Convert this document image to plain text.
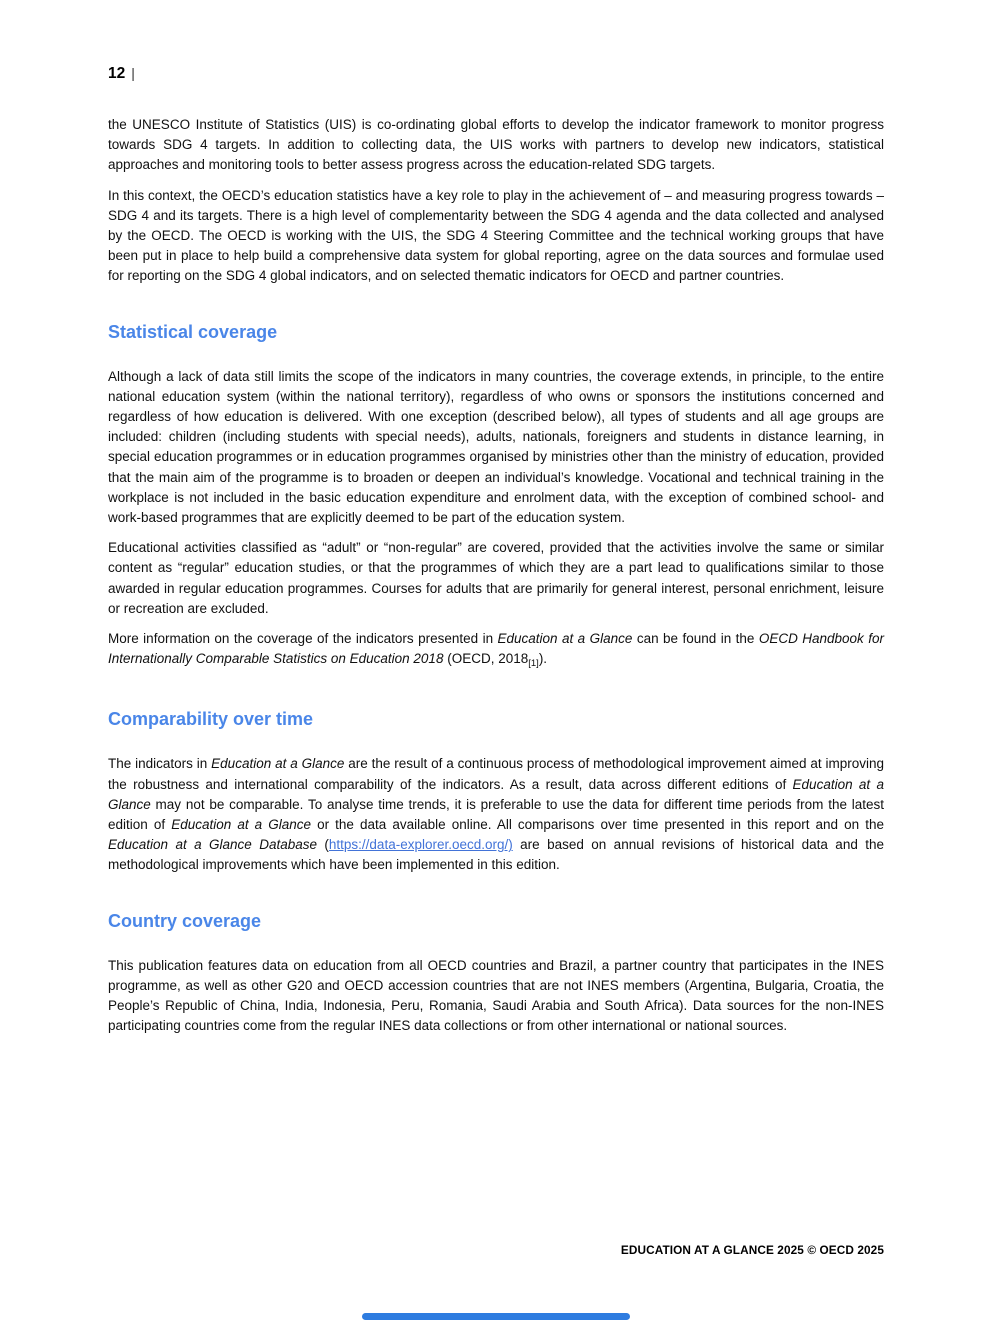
12 |

the UNESCO Institute of Statistics (UIS) is co-ordinating global efforts to develop the indicator framework to monitor progress towards SDG 4 targets. In addition to collecting data, the UIS works with partners to develop new indicators, statistical approaches and monitoring tools to better assess progress across the education-related SDG targets.

In this context, the OECD’s education statistics have a key role to play in the achievement of – and measuring progress towards – SDG 4 and its targets. There is a high level of complementarity between the SDG 4 agenda and the data collected and analysed by the OECD. The OECD is working with the UIS, the SDG 4 Steering Committee and the technical working groups that have been put in place to help build a comprehensive data system for global reporting, agree on the data sources and formulae used for reporting on the SDG 4 global indicators, and on selected thematic indicators for OECD and partner countries.

Statistical coverage

Although a lack of data still limits the scope of the indicators in many countries, the coverage extends, in principle, to the entire national education system (within the national territory), regardless of who owns or sponsors the institutions concerned and regardless of how education is delivered. With one exception (described below), all types of students and all age groups are included: children (including students with special needs), adults, nationals, foreigners and students in distance learning, in special education programmes or in education programmes organised by ministries other than the ministry of education, provided that the main aim of the programme is to broaden or deepen an individual’s knowledge. Vocational and technical training in the workplace is not included in the basic education expenditure and enrolment data, with the exception of combined school- and work-based programmes that are explicitly deemed to be part of the education system.

Educational activities classified as “adult” or “non-regular” are covered, provided that the activities involve the same or similar content as “regular” education studies, or that the programmes of which they are a part lead to qualifications similar to those awarded in regular education programmes. Courses for adults that are primarily for general interest, personal enrichment, leisure or recreation are excluded.

More information on the coverage of the indicators presented in Education at a Glance can be found in the OECD Handbook for Internationally Comparable Statistics on Education 2018 (OECD, $2018_{[1]}$).

Comparability over time

The indicators in Education at a Glance are the result of a continuous process of methodological improvement aimed at improving the robustness and international comparability of the indicators. As a result, data across different editions of Education at a Glance may not be comparable. To analyse time trends, it is preferable to use the data for different time periods from the latest edition of Education at a Glance or the data available online. All comparisons over time presented in this report and on the Education at a Glance Database (https://data-explorer.oecd.org/) are based on annual revisions of historical data and the methodological improvements which have been implemented in this edition.

Country coverage

This publication features data on education from all OECD countries and Brazil, a partner country that participates in the INES programme, as well as other G20 and OECD accession countries that are not INES members (Argentina, Bulgaria, Croatia, the People’s Republic of China, India, Indonesia, Peru, Romania, Saudi Arabia and South Africa). Data sources for the non-INES participating countries come from the regular INES data collections or from other international or national sources.

EDUCATION AT A GLANCE 2025 © OECD 2025
